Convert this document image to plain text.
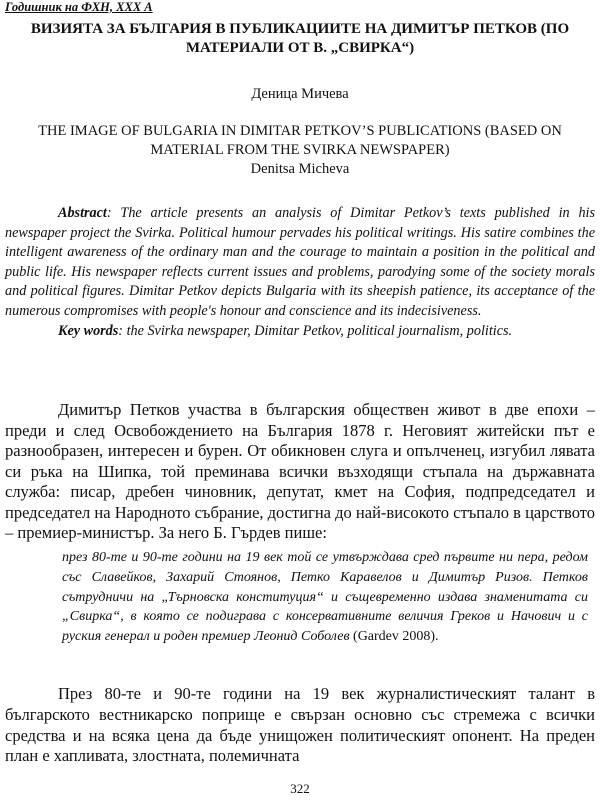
Годишник на ФХН, XXX А
ВИЗИЯТА ЗА БЪЛГАРИЯ В ПУБЛИКАЦИИТЕ НА ДИМИТЪР ПЕТКОВ (ПО МАТЕРИАЛИ ОТ В. „СВИРКА“)
Деница Мичева
THE IMAGE OF BULGARIA IN DIMITAR PETKOV’S PUBLICATIONS (BASED ON MATERIAL FROM THE SVIRKA NEWSPAPER)
Denitsa Micheva

Abstract: The article presents an analysis of Dimitar Petkov’s texts published in his newspaper project the Svirka. Political humour pervades his political writings. His satire combines the intelligent awareness of the ordinary man and the courage to maintain a position in the political and public life. His newspaper reflects current issues and problems, parodying some of the society morals and political figures. Dimitar Petkov depicts Bulgaria with its sheepish patience, its acceptance of the numerous compromises with people's honour and conscience and its indecisiveness.

Key words: the Svirka newspaper, Dimitar Petkov, political journalism, politics.

Димитър Петков участва в българския обществен живот в две епохи – преди и след Освобождението на България 1878 г. Неговият житейски път е разнообразен, интересен и бурен. От обикновен слуга и опълченец, изгубил лявата си ръка на Шипка, той преминава всички възходящи стъпала на държавната служба: писар, дребен чиновник, депутат, кмет на София, подпредседател и председател на Народното събрание, достигна до най-високото стъпало в царството – премиер-министър. За него Б. Гърдев пише:

през 80-те и 90-те години на 19 век той се утвърждава сред първите ни пера, редом със Славейков, Захарий Стоянов, Петко Каравелов и Димитър Ризов. Петков сътрудничи на „Търновска конституция“ и същевременно издава знаменитата си „Свирка“, в която се подиграва с консервативните величия Греков и Начович и с руския генерал и роден премиер Леонид Соболев (Gardev 2008).

През 80-те и 90-те години на 19 век журналистическият талант в българското вестникарско поприще е свързан основно със стремежа с всички средства и на всяка цена да бъде унищожен политическият опонент. На преден план е хапливата, злостната, полемичната

322
